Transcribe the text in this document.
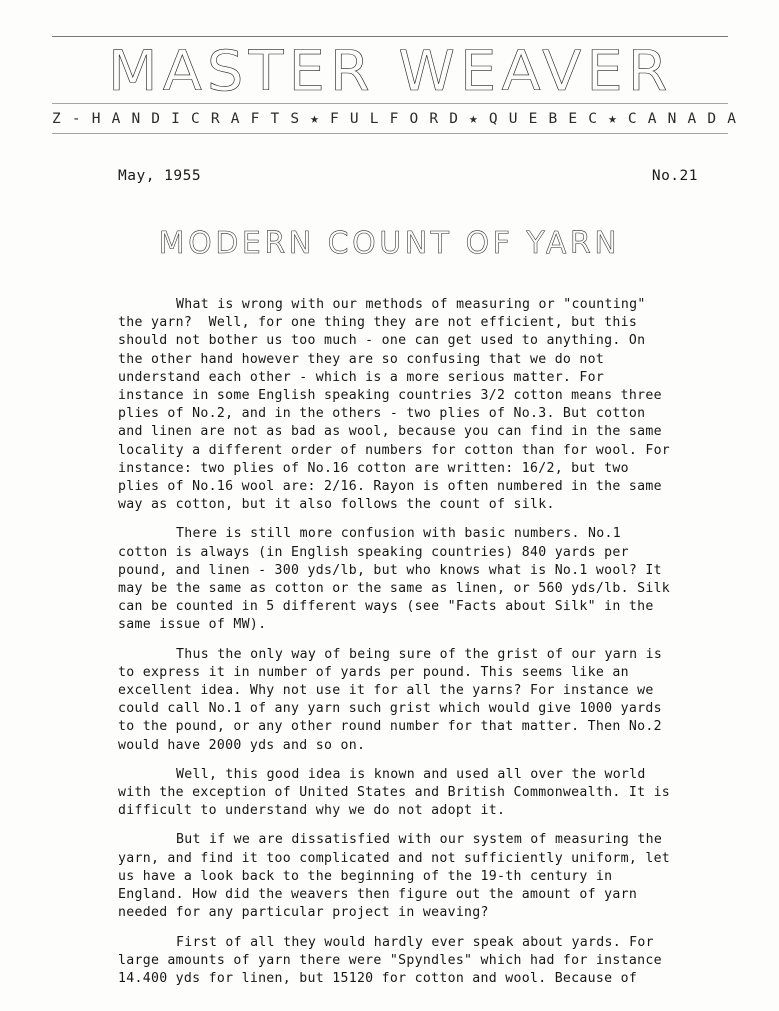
MASTER WEAVER
Z - H A N D I C R A F T S ★ F U L F O R D ★ Q U E B E C ★ C A N A D A
May, 1955	No.21
MODERN COUNT OF YARN

What is wrong with our methods of measuring or "counting" the yarn?  Well, for one thing they are not efficient, but this should not bother us too much - one can get used to anything. On the other hand however they are so confusing that we do not understand each other - which is a more serious matter. For instance in some English speaking countries 3/2 cotton means three plies of No.2, and in the others - two plies of No.3. But cotton and linen are not as bad as wool, because you can find in the same locality a different order of numbers for cotton than for wool. For instance: two plies of No.16 cotton are written: 16/2, but two plies of No.16 wool are: 2/16. Rayon is often numbered in the same way as cotton, but it also follows the count of silk.

There is still more confusion with basic numbers. No.1 cotton is always (in English speaking countries) 840 yards per pound, and linen - 300 yds/lb, but who knows what is No.1 wool? It may be the same as cotton or the same as linen, or 560 yds/lb. Silk can be counted in 5 different ways (see "Facts about Silk" in the same issue of MW).

Thus the only way of being sure of the grist of our yarn is to express it in number of yards per pound. This seems like an excellent idea. Why not use it for all the yarns? For instance we could call No.1 of any yarn such grist which would give 1000 yards to the pound, or any other round number for that matter. Then No.2 would have 2000 yds and so on.

Well, this good idea is known and used all over the world with the exception of United States and British Commonwealth. It is difficult to understand why we do not adopt it.

But if we are dissatisfied with our system of measuring the yarn, and find it too complicated and not sufficiently uniform, let us have a look back to the beginning of the 19-th century in England. How did the weavers then figure out the amount of yarn needed for any particular project in weaving?

First of all they would hardly ever speak about yards. For large amounts of yarn there were "Spyndles" which had for instance 14.400 yds for linen, but 15120 for cotton and wool. Because of
